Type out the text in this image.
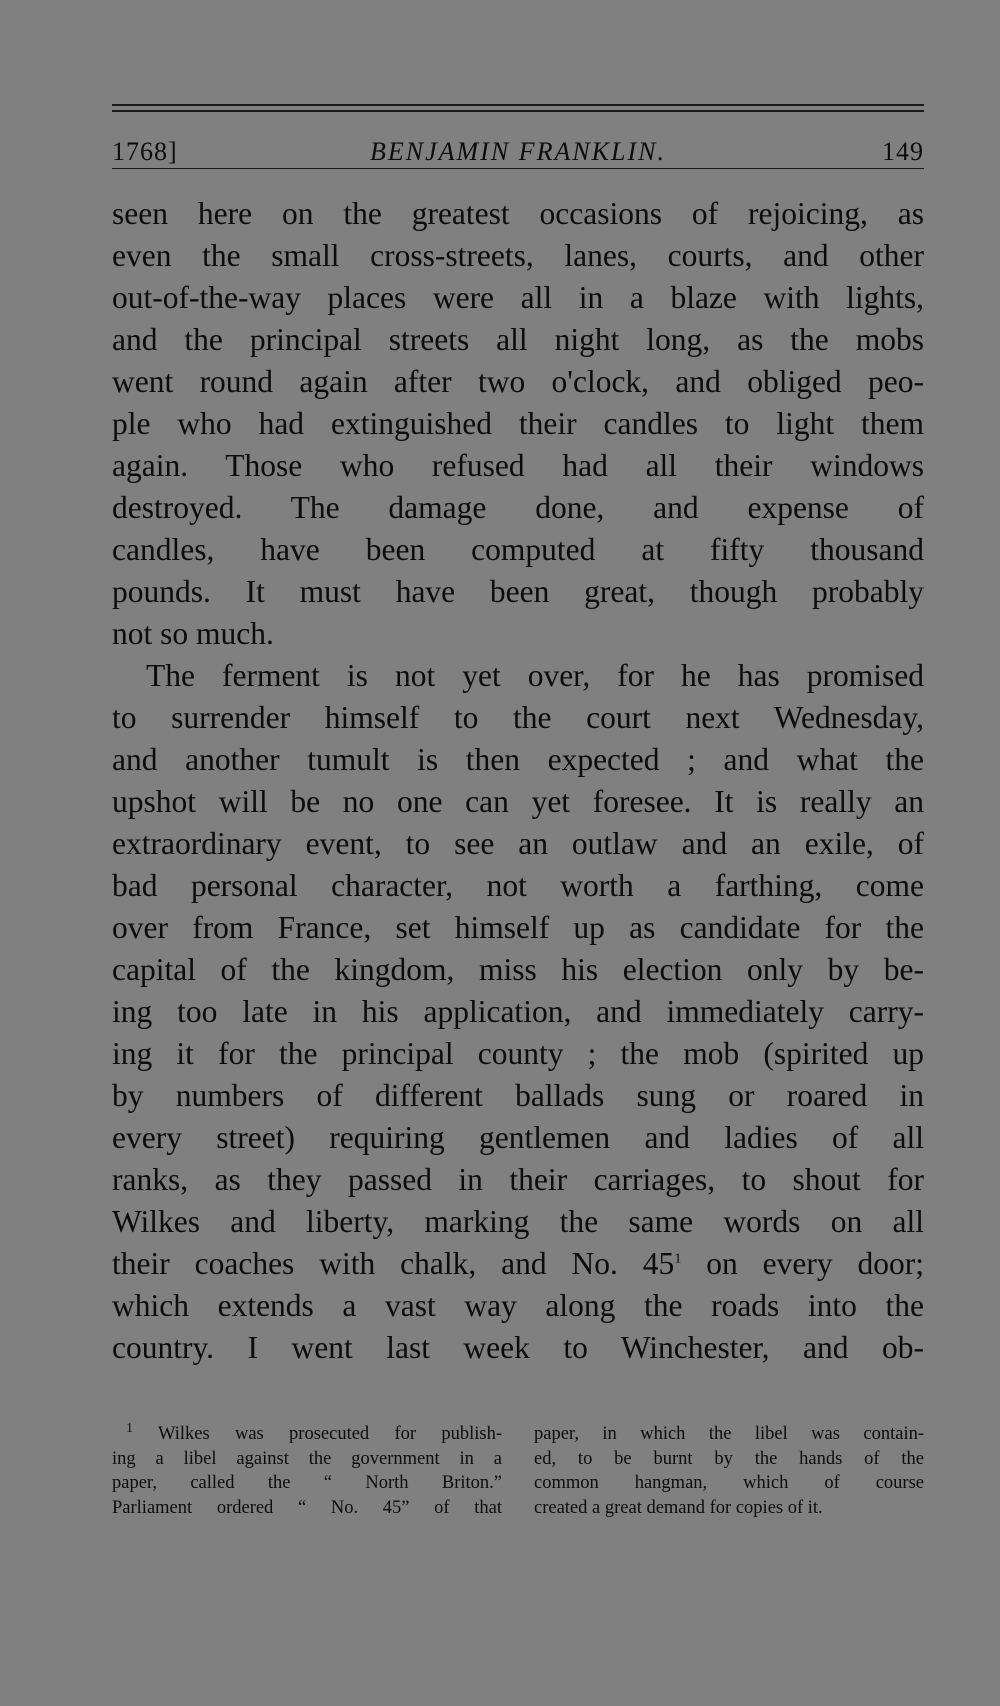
1768]	BENJAMIN FRANKLIN.	149
seen here on the greatest occasions of rejoicing, as
even the small cross-streets, lanes, courts, and other
out-of-the-way places were all in a blaze with lights,
and the principal streets all night long, as the mobs
went round again after two o'clock, and obliged peo-
ple who had extinguished their candles to light them
again. Those who refused had all their windows
destroyed. The damage done, and expense of
candles, have been computed at fifty thousand
pounds. It must have been great, though probably
not so much.
The ferment is not yet over, for he has promised
to surrender himself to the court next Wednesday,
and another tumult is then expected ; and what the
upshot will be no one can yet foresee. It is really an
extraordinary event, to see an outlaw and an exile, of
bad personal character, not worth a farthing, come
over from France, set himself up as candidate for the
capital of the kingdom, miss his election only by be-
ing too late in his application, and immediately carry-
ing it for the principal county ; the mob (spirited up
by numbers of different ballads sung or roared in
every street) requiring gentlemen and ladies of all
ranks, as they passed in their carriages, to shout for
Wilkes and liberty, marking the same words on all
their coaches with chalk, and No. 45$^1$ on every door;
which extends a vast way along the roads into the
country. I went last week to Winchester, and ob-
$^1$ Wilkes was prosecuted for publish-
ing a libel against the government in a
paper, called the “ North Briton.”
Parliament ordered “ No. 45” of that
paper, in which the libel was contain-
ed, to be burnt by the hands of the
common hangman, which of course
created a great demand for copies of it.
